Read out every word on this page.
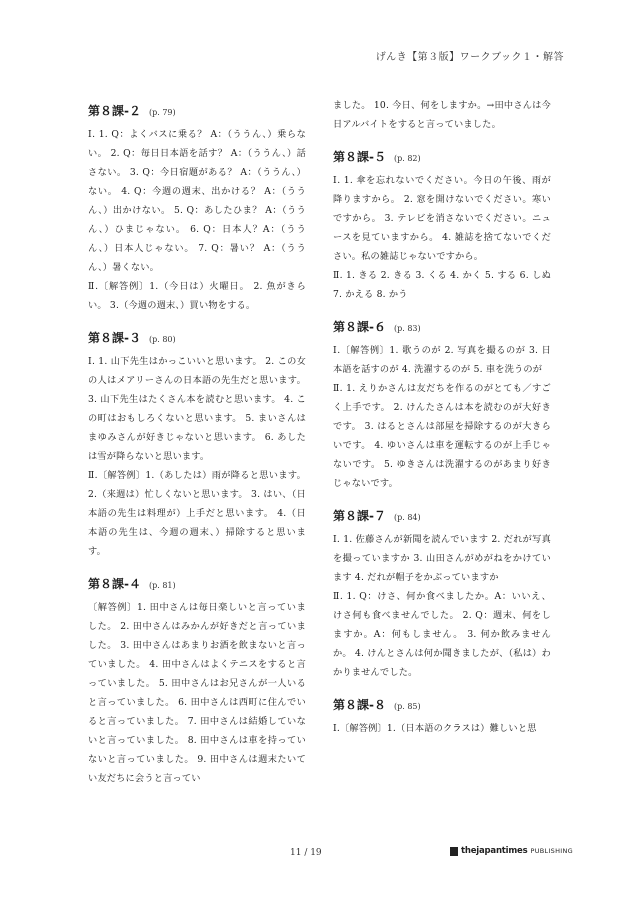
げんき【第３版】ワークブック１・解答
第８課-２ (p. 79)

Ⅰ. 1. Q：よくバスに乗る？ A：（ううん、）乗らない。 2. Q：毎日日本語を話す？ A：（ううん、）話さない。 3. Q：今日宿題がある？ A：（ううん、）ない。 4. Q：今週の週末、出かける？ A：（ううん、）出かけない。 5. Q：あしたひま？ A：（ううん、）ひまじゃない。 6. Q：日本人？A：（ううん、）日本人じゃない。 7. Q：暑い？ A：（ううん、）暑くない。

Ⅱ.〔解答例〕1.（今日は）火曜日。 2. 魚がきらい。 3.（今週の週末、）買い物をする。

第８課-３ (p. 80)

Ⅰ. 1. 山下先生はかっこいいと思います。 2. この女の人はメアリーさんの日本語の先生だと思います。 3. 山下先生はたくさん本を読むと思います。 4. この町はおもしろくないと思います。 5. まいさんはまゆみさんが好きじゃないと思います。 6. あしたは雪が降らないと思います。

Ⅱ.〔解答例〕1.（あしたは）雨が降ると思います。 2.（来週は）忙しくないと思います。 3. はい、（日本語の先生は料理が）上手だと思います。 4.（日本語の先生は、今週の週末、）掃除すると思います。

第８課-４ (p. 81)

〔解答例〕1. 田中さんは毎日楽しいと言っていました。 2. 田中さんはみかんが好きだと言っていました。 3. 田中さんはあまりお酒を飲まないと言っていました。 4. 田中さんはよくテニスをすると言っていました。 5. 田中さんはお兄さんが一人いると言っていました。 6. 田中さんは西町に住んでいると言っていました。 7. 田中さんは結婚していないと言っていました。 8. 田中さんは車を持っていないと言っていました。 9. 田中さんは週末たいてい友だちに会うと言ってい

ました。 10. 今日、何をしますか。→田中さんは今日アルバイトをすると言っていました。

第８課-５ (p. 82)

Ⅰ. 1. 傘を忘れないでください。今日の午後、雨が降りますから。 2. 窓を開けないでください。寒いですから。 3. テレビを消さないでください。ニュースを見ていますから。 4. 雑誌を捨てないでください。私の雑誌じゃないですから。

Ⅱ. 1. きる 2. きる 3. くる 4. かく 5. する 6. しぬ 7. かえる 8. かう

第８課-６ (p. 83)

Ⅰ.〔解答例〕1. 歌うのが 2. 写真を撮るのが 3. 日本語を話すのが 4. 洗濯するのが 5. 車を洗うのが

Ⅱ. 1. えりかさんは友だちを作るのがとても／すごく上手です。 2. けんたさんは本を読むのが大好きです。 3. はるとさんは部屋を掃除するのが大きらいです。 4. ゆいさんは車を運転するのが上手じゃないです。 5. ゆきさんは洗濯するのがあまり好きじゃないです。

第８課-７ (p. 84)

Ⅰ. 1. 佐藤さんが新聞を読んでいます 2. だれが写真を撮っていますか 3. 山田さんがめがねをかけています 4. だれが帽子をかぶっていますか

Ⅱ. 1. Q：けさ、何か食べましたか。A：いいえ、けさ何も食べませんでした。 2. Q：週末、何をしますか。A：何もしません。 3. 何か飲みませんか。 4. けんとさんは何か聞きましたが、（私は）わかりませんでした。

第８課-８ (p. 85)

Ⅰ.〔解答例〕1.（日本語のクラスは）難しいと思

11 / 19	thejapantimes PUBLISHING
